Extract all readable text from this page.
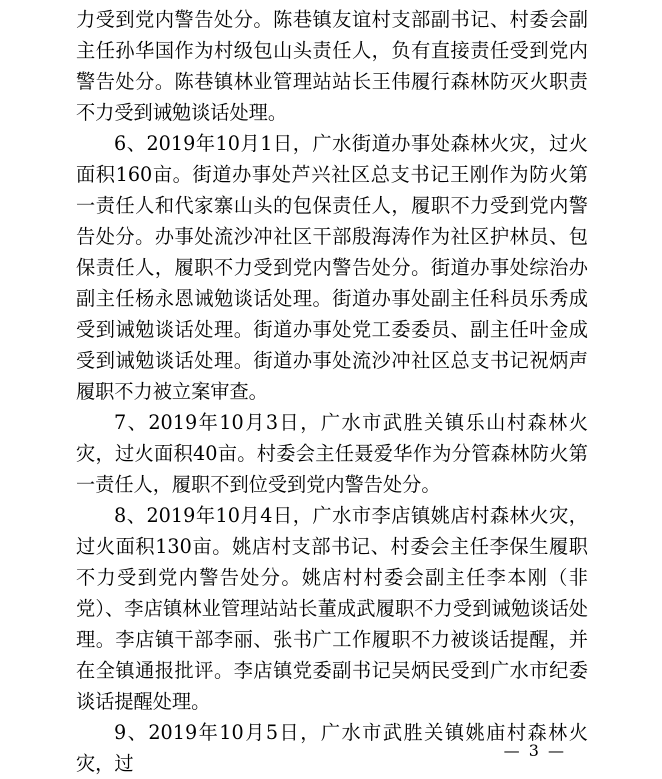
力受到党内警告处分。陈巷镇友谊村支部副书记、村委会副主任孙华国作为村级包山头责任人，负有直接责任受到党内警告处分。陈巷镇林业管理站站长王伟履行森林防灭火职责不力受到诫勉谈话处理。

6、2019年10月1日，广水街道办事处森林火灾，过火面积160亩。街道办事处芦兴社区总支书记王刚作为防火第一责任人和代家寨山头的包保责任人，履职不力受到党内警告处分。办事处流沙冲社区干部殷海涛作为社区护林员、包保责任人，履职不力受到党内警告处分。街道办事处综治办副主任杨永恩诫勉谈话处理。街道办事处副主任科员乐秀成受到诫勉谈话处理。街道办事处党工委委员、副主任叶金成受到诫勉谈话处理。街道办事处流沙冲社区总支书记祝炳声履职不力被立案审查。

7、2019年10月3日，广水市武胜关镇乐山村森林火灾，过火面积40亩。村委会主任聂爱华作为分管森林防火第一责任人，履职不到位受到党内警告处分。

8、2019年10月4日，广水市李店镇姚店村森林火灾，过火面积130亩。姚店村支部书记、村委会主任李保生履职不力受到党内警告处分。姚店村村委会副主任李本刚（非党）、李店镇林业管理站站长董成武履职不力受到诫勉谈话处理。李店镇干部李丽、张书广工作履职不力被谈话提醒，并在全镇通报批评。李店镇党委副书记吴炳民受到广水市纪委谈话提醒处理。

9、2019年10月5日，广水市武胜关镇姚庙村森林火灾，过

— 3 —
